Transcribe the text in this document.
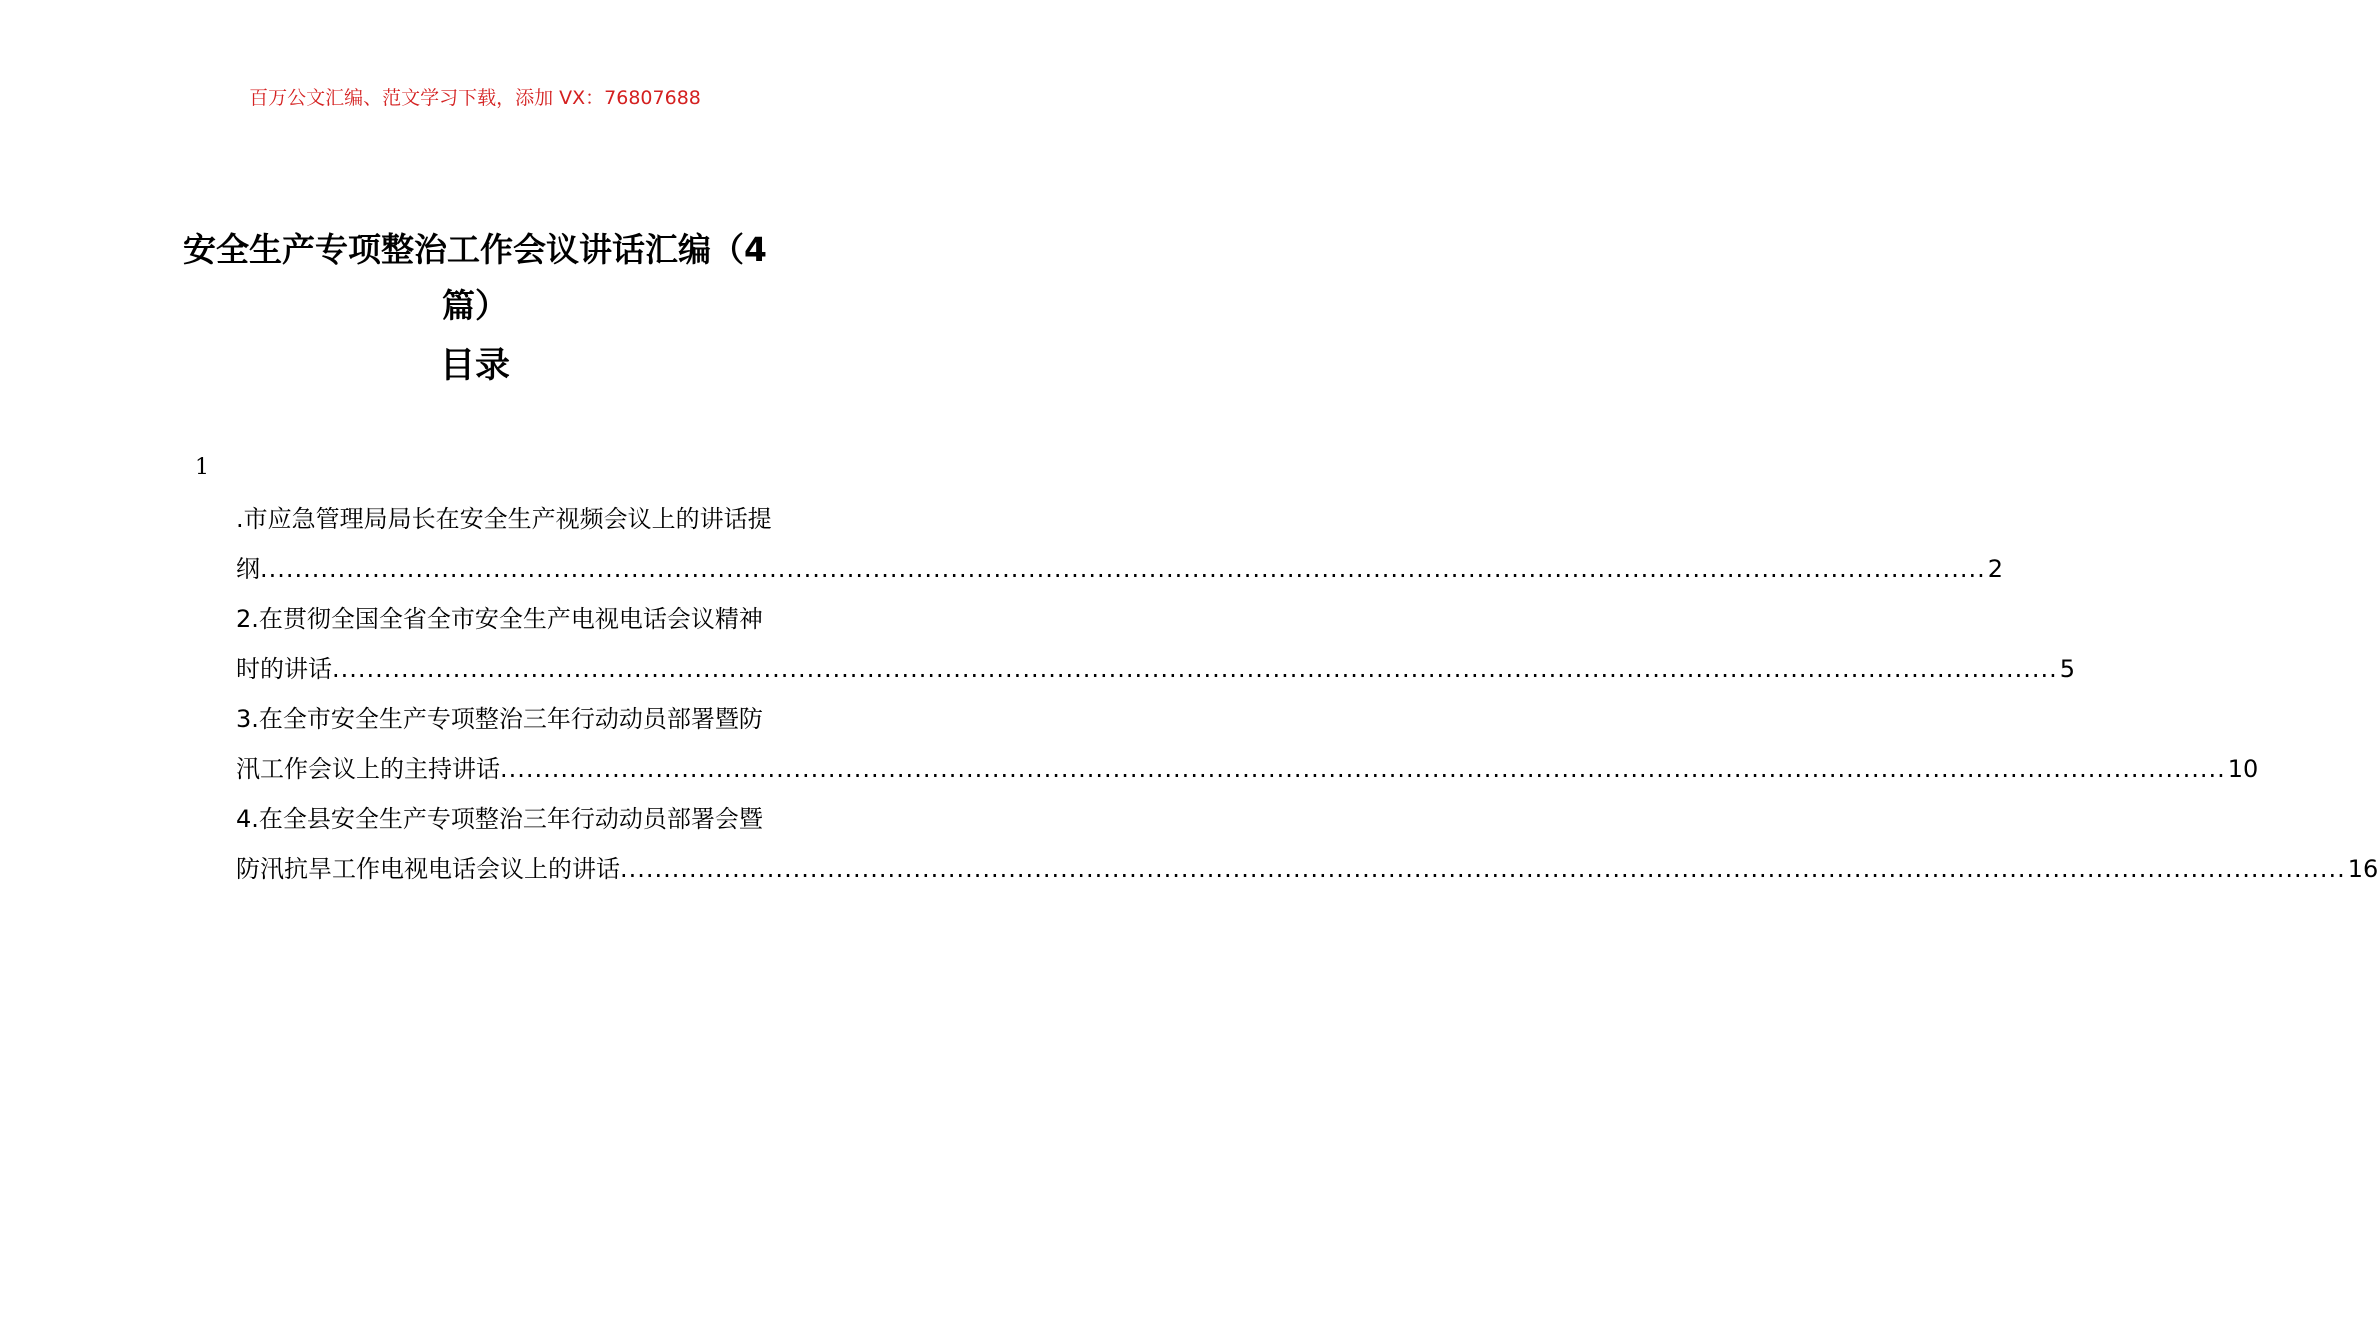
百万公文汇编、范文学习下载，添加 VX：76807688
安全生产专项整治工作会议讲话汇编（4篇）
目录
1
.市应急管理局局长在安全生产视频会议上的讲话提
纲 ........................................................................................................................................................................................................ 2
2.在贯彻全国全省全市安全生产电视电话会议精神
时的讲话 ........................................................................................................................................................................................................ 5
3.在全市安全生产专项整治三年行动动员部署暨防
汛工作会议上的主持讲话 ........................................................................................................................................................................................................ 10
4.在全县安全生产专项整治三年行动动员部署会暨
防汛抗旱工作电视电话会议上的讲话 ........................................................................................................................................................................................................ 16
